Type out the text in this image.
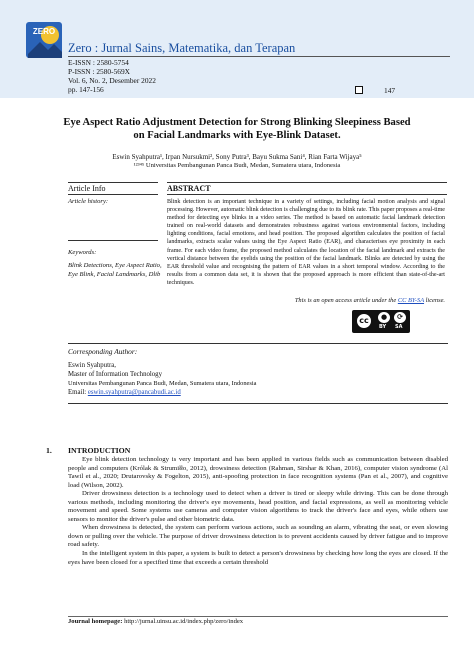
ZERO
Zero : Jurnal Sains, Matematika, dan Terapan
E-ISSN : 2580-5754
P-ISSN : 2580-569X
Vol. 6, No. 2, Desember 2022
pp. 147-156	147
Eye Aspect Ratio Adjustment Detection for Strong Blinking Sleepiness Based
on Facial Landmarks with Eye-Blink Dataset.
Eswin Syahputra¹, Irpan Nursukmi², Sony Putra³, Bayu Sukma Sani⁴, Rian Farta Wijaya⁵
¹²³⁴⁵ Universitas Pembangunan Panca Budi, Medan, Sumatera utara, Indonesia
Article Info	ABSTRACT
Article history:
Keywords:
Blink Detections, Eye Aspect Ratio,
Eye Blink, Facial Landmarks, Dlib
Blink detection is an important technique in a variety of settings, including facial motion analysis and signal processing. However, automatic blink detection is challenging due to its blink rate. This paper proposes a real-time method for detecting eye blinks in a video series. The method is based on automatic facial landmark detection trained on real-world datasets and demonstrates robustness against various environmental factors, including lighting conditions, facial emotions, and head position. The proposed algorithm calculates the position of facial landmarks, extracts scalar values using the Eye Aspect Ratio (EAR), and characterises eye proximity in each frame. For each video frame, the proposed method calculates the location of the facial landmark and extracts the vertical distance between the eyelids using the position of the facial landmark. Blinks are detected by using the EAR threshold value and recognising the pattern of EAR values in a short temporal window. According to the results from a common data set, it is shown that the proposed approach is more efficient than state-of-the-art techniques.
This is an open access article under the CC BY-SA license.
cc	●	⟳
BY SA
Corresponding Author:
Eswin Syahputra,
Master of Information Technology
Universitas Pembangunan Panca Budi, Medan, Sumatera utara, Indonesia
Email: eswin.syahputra@pancabudi.ac.id
1. INTRODUCTION

Eye blink detection technology is very important and has been applied in various fields such as communication between disabled people and computers (Królak & Strumiłło, 2012), drowsiness detection (Rahman, Sirshar & Khan, 2016), computer vision syndrome (Al Tawil et al., 2020; Drutarovsky & Fogelton, 2015), anti-spoofing protection in face recognition systems (Pan et al., 2007), and cognitive load (Wilson, 2002).

Driver drowsiness detection is a technology used to detect when a driver is tired or sleepy while driving. This can be done through various methods, including monitoring the driver's eye movements, head position, and facial expressions, as well as monitoring vehicle movement and speed. Some systems use cameras and computer vision algorithms to track the driver's face and eyes, while others use sensors to monitor the driver's pulse and other biometric data.

When drowsiness is detected, the system can perform various actions, such as sounding an alarm, vibrating the seat, or even slowing down or pulling over the vehicle. The purpose of driver drowsiness detection is to prevent accidents caused by driver fatigue and to improve road safety.

In the intelligent system in this paper, a system is built to detect a person's drowsiness by checking how long the eyes are closed. If the eyes have been closed for a specified time that exceeds a certain threshold

Journal homepage: http://jurnal.uinsu.ac.id/index.php/zero/index
